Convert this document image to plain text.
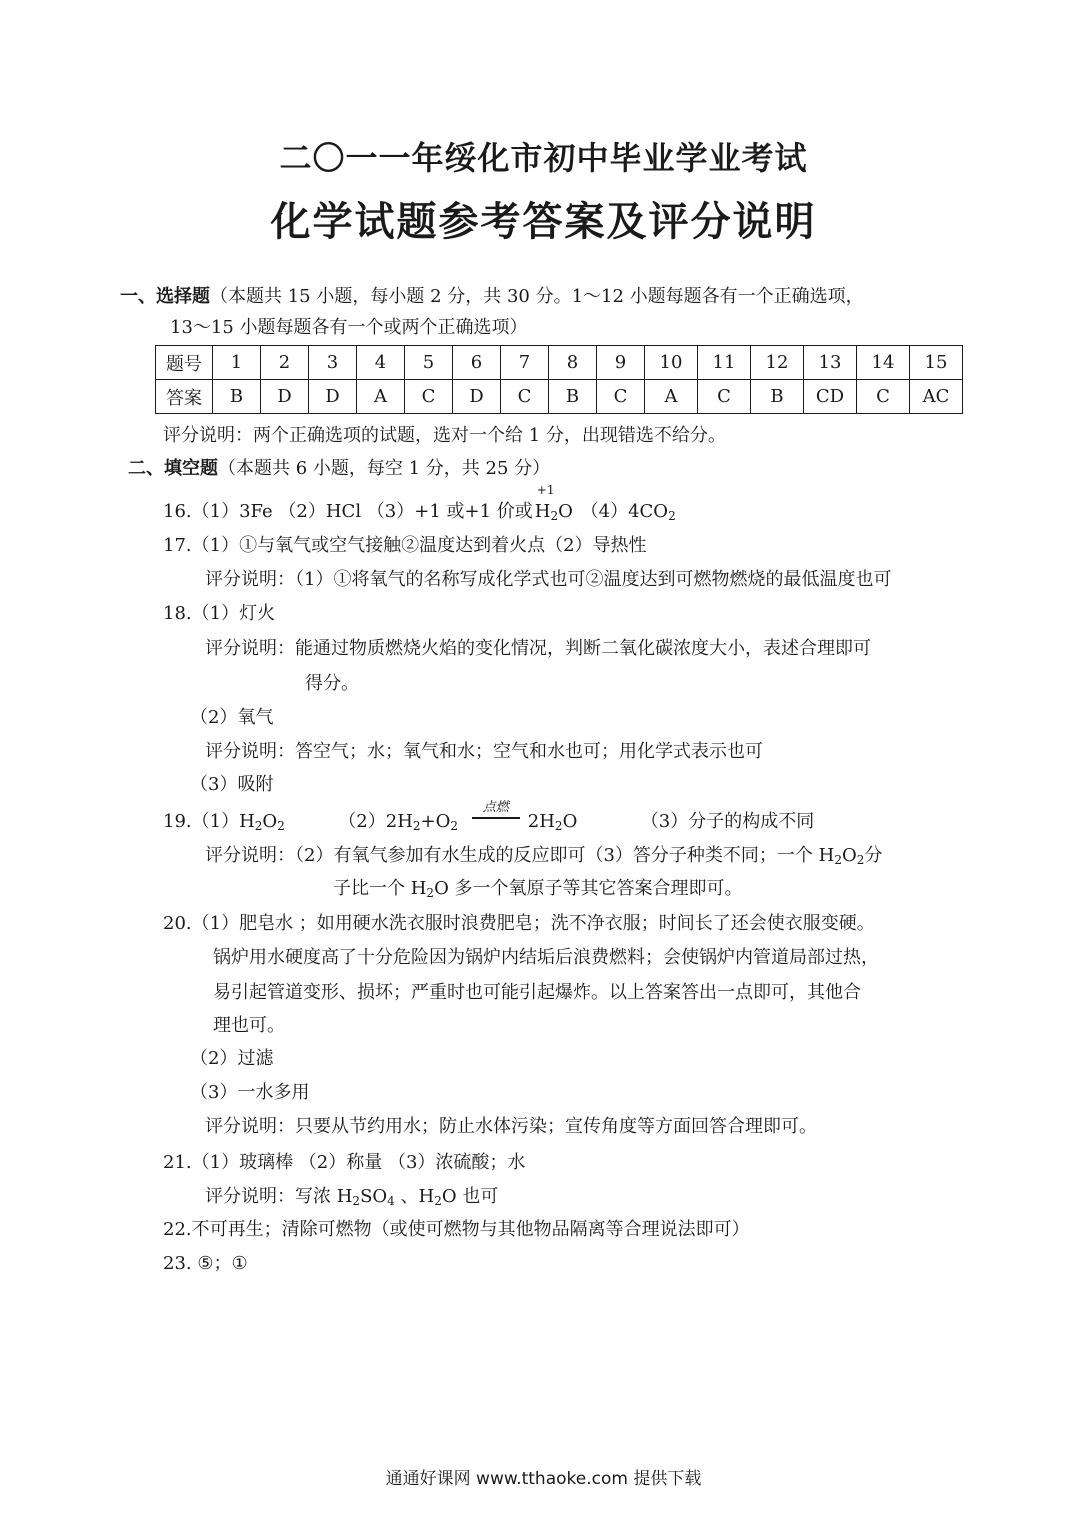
二〇一一年绥化市初中毕业学业考试
化学试题参考答案及评分说明
一、选择题（本题共 15 小题，每小题 2 分，共 30 分。1～12 小题每题各有一个正确选项，
13～15 小题每题各有一个或两个正确选项）
题号	1	2	3	4	5	6	7	8	9	10	11	12	13	14	15
答案	B	D	D	A	C	D	C	B	C	A	C	B	CD	C	AC
评分说明：两个正确选项的试题，选对一个给 1 分，出现错选不给分。
二、填空题（本题共 6 小题，每空 1 分，共 25 分）
16.（1）3Fe （2）HCl （3）+1 或+1 价或
+1
$H_2O$ $(4)4CO_2$
17.（1）①与氧气或空气接触②温度达到着火点（2）导热性
评分说明：（1）①将氧气的名称写成化学式也可②温度达到可燃物燃烧的最低温度也可
18.（1）灯火
评分说明：能通过物质燃烧火焰的变化情况，判断二氧化碳浓度大小，表述合理即可
得分。
（2）氧气
评分说明：答空气；水；氧气和水；空气和水也可；用化学式表示也可
（3）吸附
$19.(1)H_2O_2$	$(2)2H_2+O_2$
点燃
$2H_2O$	（3）分子的构成不同
评分说明：（2）有氧气参加有水生成的反应即可（3）答分子种类不同；一个 $H_2O_2$分
子比一个 $H_2O$ 多一个氧原子等其它答案合理即可。
20.（1）肥皂水 ；如用硬水洗衣服时浪费肥皂；洗不净衣服；时间长了还会使衣服变硬。
锅炉用水硬度高了十分危险因为锅炉内结垢后浪费燃料；会使锅炉内管道局部过热，
易引起管道变形、损坏；严重时也可能引起爆炸。以上答案答出一点即可，其他合
理也可。
（2）过滤
（3）一水多用
评分说明：只要从节约用水；防止水体污染；宣传角度等方面回答合理即可。
21.（1）玻璃棒 （2）称量 （3）浓硫酸；水
评分说明：写浓 $H_2SO_4$ 、$H_2O$ 也可
22.不可再生；清除可燃物（或使可燃物与其他物品隔离等合理说法即可）
23. ⑤；①
通通好课网 www.tthaoke.com 提供下载
